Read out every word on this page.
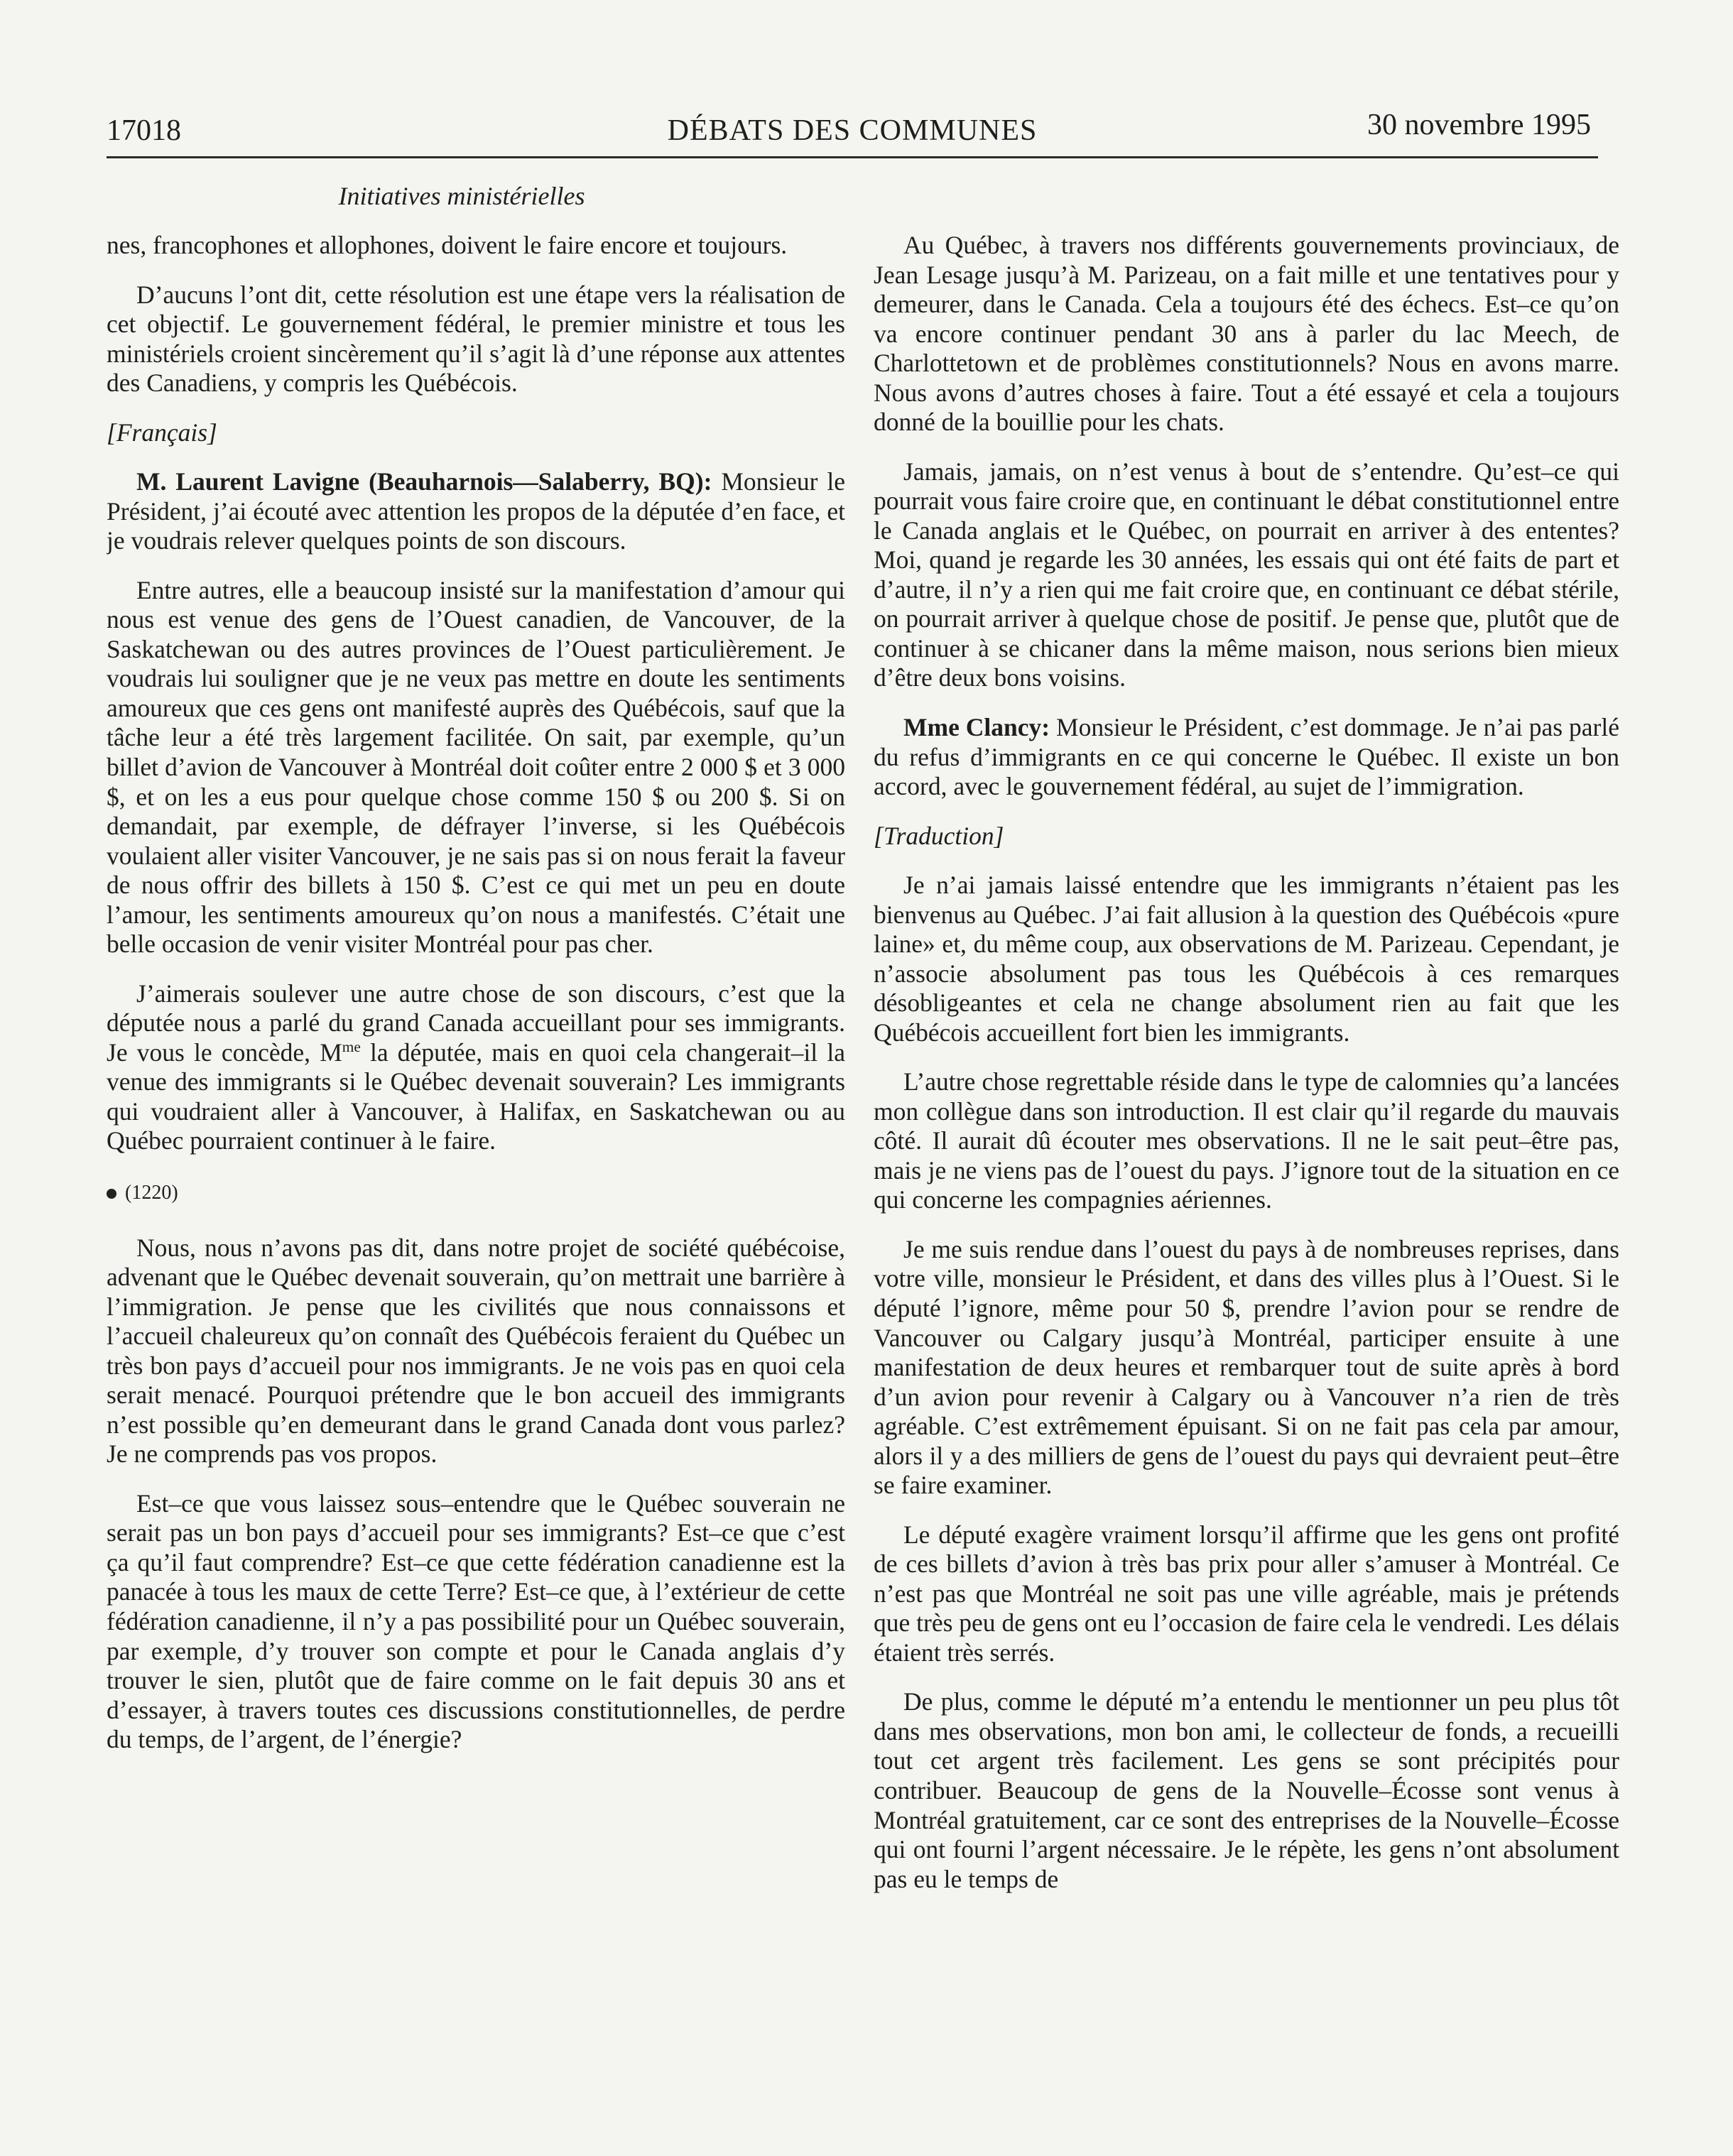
17018	DÉBATS DES COMMUNES	30 novembre 1995
Initiatives ministérielles

nes, francophones et allophones, doivent le faire encore et toujours.

D’aucuns l’ont dit, cette résolution est une étape vers la réalisation de cet objectif. Le gouvernement fédéral, le premier ministre et tous les ministériels croient sincèrement qu’il s’agit là d’une réponse aux attentes des Canadiens, y compris les Québécois.

[Français]

M. Laurent Lavigne (Beauharnois—Salaberry, BQ): Monsieur le Président, j’ai écouté avec attention les propos de la députée d’en face, et je voudrais relever quelques points de son discours.

Entre autres, elle a beaucoup insisté sur la manifestation d’amour qui nous est venue des gens de l’Ouest canadien, de Vancouver, de la Saskatchewan ou des autres provinces de l’Ouest particulièrement. Je voudrais lui souligner que je ne veux pas mettre en doute les sentiments amoureux que ces gens ont manifesté auprès des Québécois, sauf que la tâche leur a été très largement facilitée. On sait, par exemple, qu’un billet d’avion de Vancouver à Montréal doit coûter entre 2 000 $ et 3 000 $, et on les a eus pour quelque chose comme 150 $ ou 200 $. Si on demandait, par exemple, de défrayer l’inverse, si les Québécois voulaient aller visiter Vancouver, je ne sais pas si on nous ferait la faveur de nous offrir des billets à 150 $. C’est ce qui met un peu en doute l’amour, les sentiments amoureux qu’on nous a manifestés. C’était une belle occasion de venir visiter Montréal pour pas cher.

J’aimerais soulever une autre chose de son discours, c’est que la députée nous a parlé du grand Canada accueillant pour ses immigrants. Je vous le concède, $M^{me}$ la députée, mais en quoi cela changerait–il la venue des immigrants si le Québec devenait souverain? Les immigrants qui voudraient aller à Vancouver, à Halifax, en Saskatchewan ou au Québec pourraient continuer à le faire.

(1220)

Nous, nous n’avons pas dit, dans notre projet de société québécoise, advenant que le Québec devenait souverain, qu’on mettrait une barrière à l’immigration. Je pense que les civilités que nous connaissons et l’accueil chaleureux qu’on connaît des Québécois feraient du Québec un très bon pays d’accueil pour nos immigrants. Je ne vois pas en quoi cela serait menacé. Pourquoi prétendre que le bon accueil des immigrants n’est possible qu’en demeurant dans le grand Canada dont vous parlez? Je ne comprends pas vos propos.

Est–ce que vous laissez sous–entendre que le Québec souverain ne serait pas un bon pays d’accueil pour ses immigrants? Est–ce que c’est ça qu’il faut comprendre? Est–ce que cette fédération canadienne est la panacée à tous les maux de cette Terre? Est–ce que, à l’extérieur de cette fédération canadienne, il n’y a pas possibilité pour un Québec souverain, par exemple, d’y trouver son compte et pour le Canada anglais d’y trouver le sien, plutôt que de faire comme on le fait depuis 30 ans et d’essayer, à travers toutes ces discussions constitutionnelles, de perdre du temps, de l’argent, de l’énergie?

Au Québec, à travers nos différents gouvernements provinciaux, de Jean Lesage jusqu’à M. Parizeau, on a fait mille et une tentatives pour y demeurer, dans le Canada. Cela a toujours été des échecs. Est–ce qu’on va encore continuer pendant 30 ans à parler du lac Meech, de Charlottetown et de problèmes constitutionnels? Nous en avons marre. Nous avons d’autres choses à faire. Tout a été essayé et cela a toujours donné de la bouillie pour les chats.

Jamais, jamais, on n’est venus à bout de s’entendre. Qu’est–ce qui pourrait vous faire croire que, en continuant le débat constitutionnel entre le Canada anglais et le Québec, on pourrait en arriver à des ententes? Moi, quand je regarde les 30 années, les essais qui ont été faits de part et d’autre, il n’y a rien qui me fait croire que, en continuant ce débat stérile, on pourrait arriver à quelque chose de positif. Je pense que, plutôt que de continuer à se chicaner dans la même maison, nous serions bien mieux d’être deux bons voisins.

Mme Clancy: Monsieur le Président, c’est dommage. Je n’ai pas parlé du refus d’immigrants en ce qui concerne le Québec. Il existe un bon accord, avec le gouvernement fédéral, au sujet de l’immigration.

[Traduction]

Je n’ai jamais laissé entendre que les immigrants n’étaient pas les bienvenus au Québec. J’ai fait allusion à la question des Québécois «pure laine» et, du même coup, aux observations de M. Parizeau. Cependant, je n’associe absolument pas tous les Québécois à ces remarques désobligeantes et cela ne change absolument rien au fait que les Québécois accueillent fort bien les immigrants.

L’autre chose regrettable réside dans le type de calomnies qu’a lancées mon collègue dans son introduction. Il est clair qu’il regarde du mauvais côté. Il aurait dû écouter mes observations. Il ne le sait peut–être pas, mais je ne viens pas de l’ouest du pays. J’ignore tout de la situation en ce qui concerne les compagnies aériennes.

Je me suis rendue dans l’ouest du pays à de nombreuses reprises, dans votre ville, monsieur le Président, et dans des villes plus à l’Ouest. Si le député l’ignore, même pour 50 $, prendre l’avion pour se rendre de Vancouver ou Calgary jusqu’à Montréal, participer ensuite à une manifestation de deux heures et rembarquer tout de suite après à bord d’un avion pour revenir à Calgary ou à Vancouver n’a rien de très agréable. C’est extrêmement épuisant. Si on ne fait pas cela par amour, alors il y a des milliers de gens de l’ouest du pays qui devraient peut–être se faire examiner.

Le député exagère vraiment lorsqu’il affirme que les gens ont profité de ces billets d’avion à très bas prix pour aller s’amuser à Montréal. Ce n’est pas que Montréal ne soit pas une ville agréable, mais je prétends que très peu de gens ont eu l’occasion de faire cela le vendredi. Les délais étaient très serrés.

De plus, comme le député m’a entendu le mentionner un peu plus tôt dans mes observations, mon bon ami, le collecteur de fonds, a recueilli tout cet argent très facilement. Les gens se sont précipités pour contribuer. Beaucoup de gens de la Nouvelle–Écosse sont venus à Montréal gratuitement, car ce sont des entreprises de la Nouvelle–Écosse qui ont fourni l’argent nécessaire. Je le répète, les gens n’ont absolument pas eu le temps de
